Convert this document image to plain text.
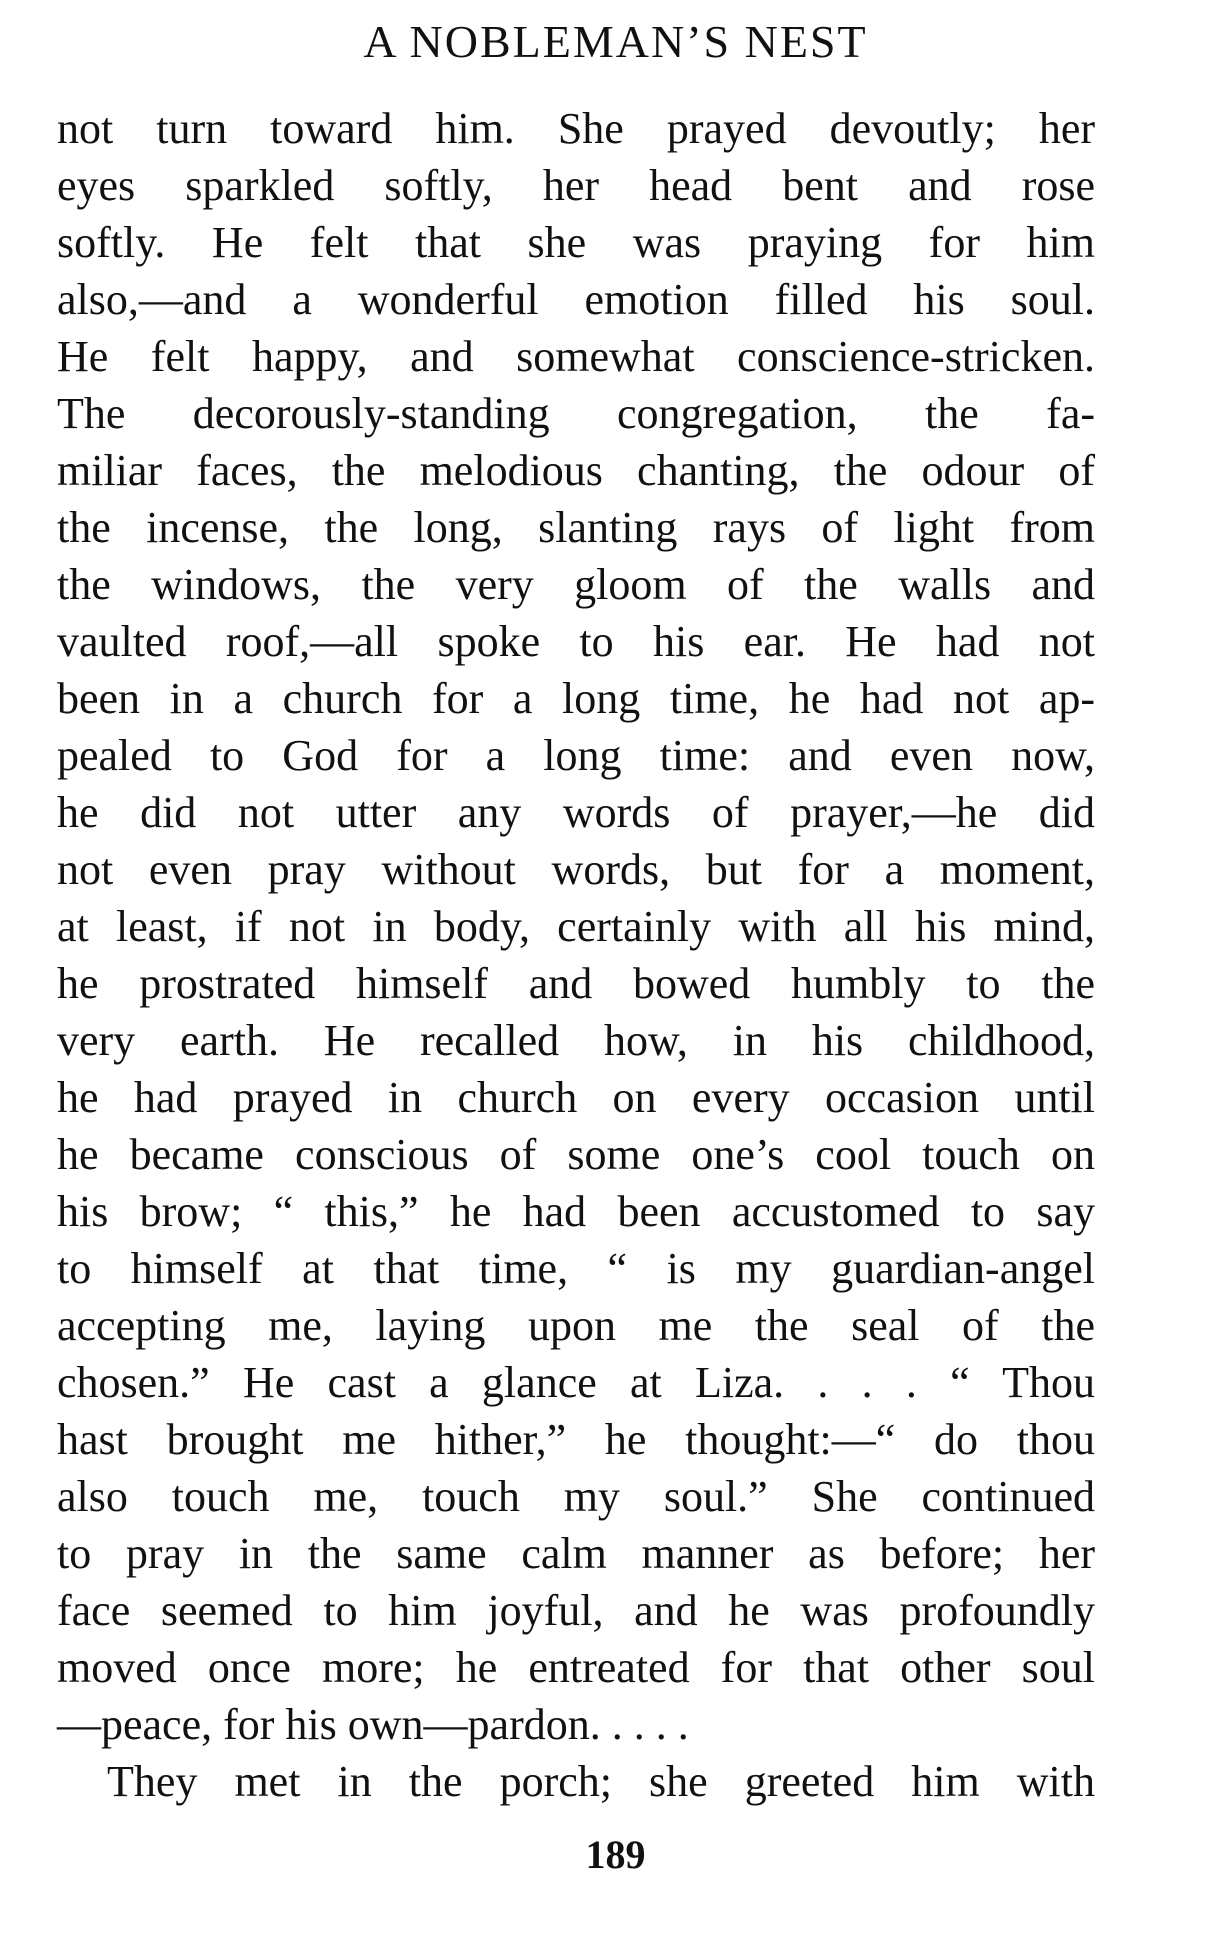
A NOBLEMAN’S NEST
not turn toward him. She prayed devoutly; her
eyes sparkled softly, her head bent and rose
softly. He felt that she was praying for him
also,—and a wonderful emotion filled his soul.
He felt happy, and somewhat conscience-stricken.
The decorously-standing congregation, the fa-
miliar faces, the melodious chanting, the odour of
the incense, the long, slanting rays of light from
the windows, the very gloom of the walls and
vaulted roof,—all spoke to his ear. He had not
been in a church for a long time, he had not ap-
pealed to God for a long time: and even now,
he did not utter any words of prayer,—he did
not even pray without words, but for a moment,
at least, if not in body, certainly with all his mind,
he prostrated himself and bowed humbly to the
very earth. He recalled how, in his childhood,
he had prayed in church on every occasion until
he became conscious of some one’s cool touch on
his brow; “ this,” he had been accustomed to say
to himself at that time, “ is my guardian-angel
accepting me, laying upon me the seal of the
chosen.” He cast a glance at Liza. . . . “ Thou
hast brought me hither,” he thought:—“ do thou
also touch me, touch my soul.” She continued
to pray in the same calm manner as before; her
face seemed to him joyful, and he was profoundly
moved once more; he entreated for that other soul
—peace, for his own—pardon. . . . .
They met in the porch; she greeted him with
189
